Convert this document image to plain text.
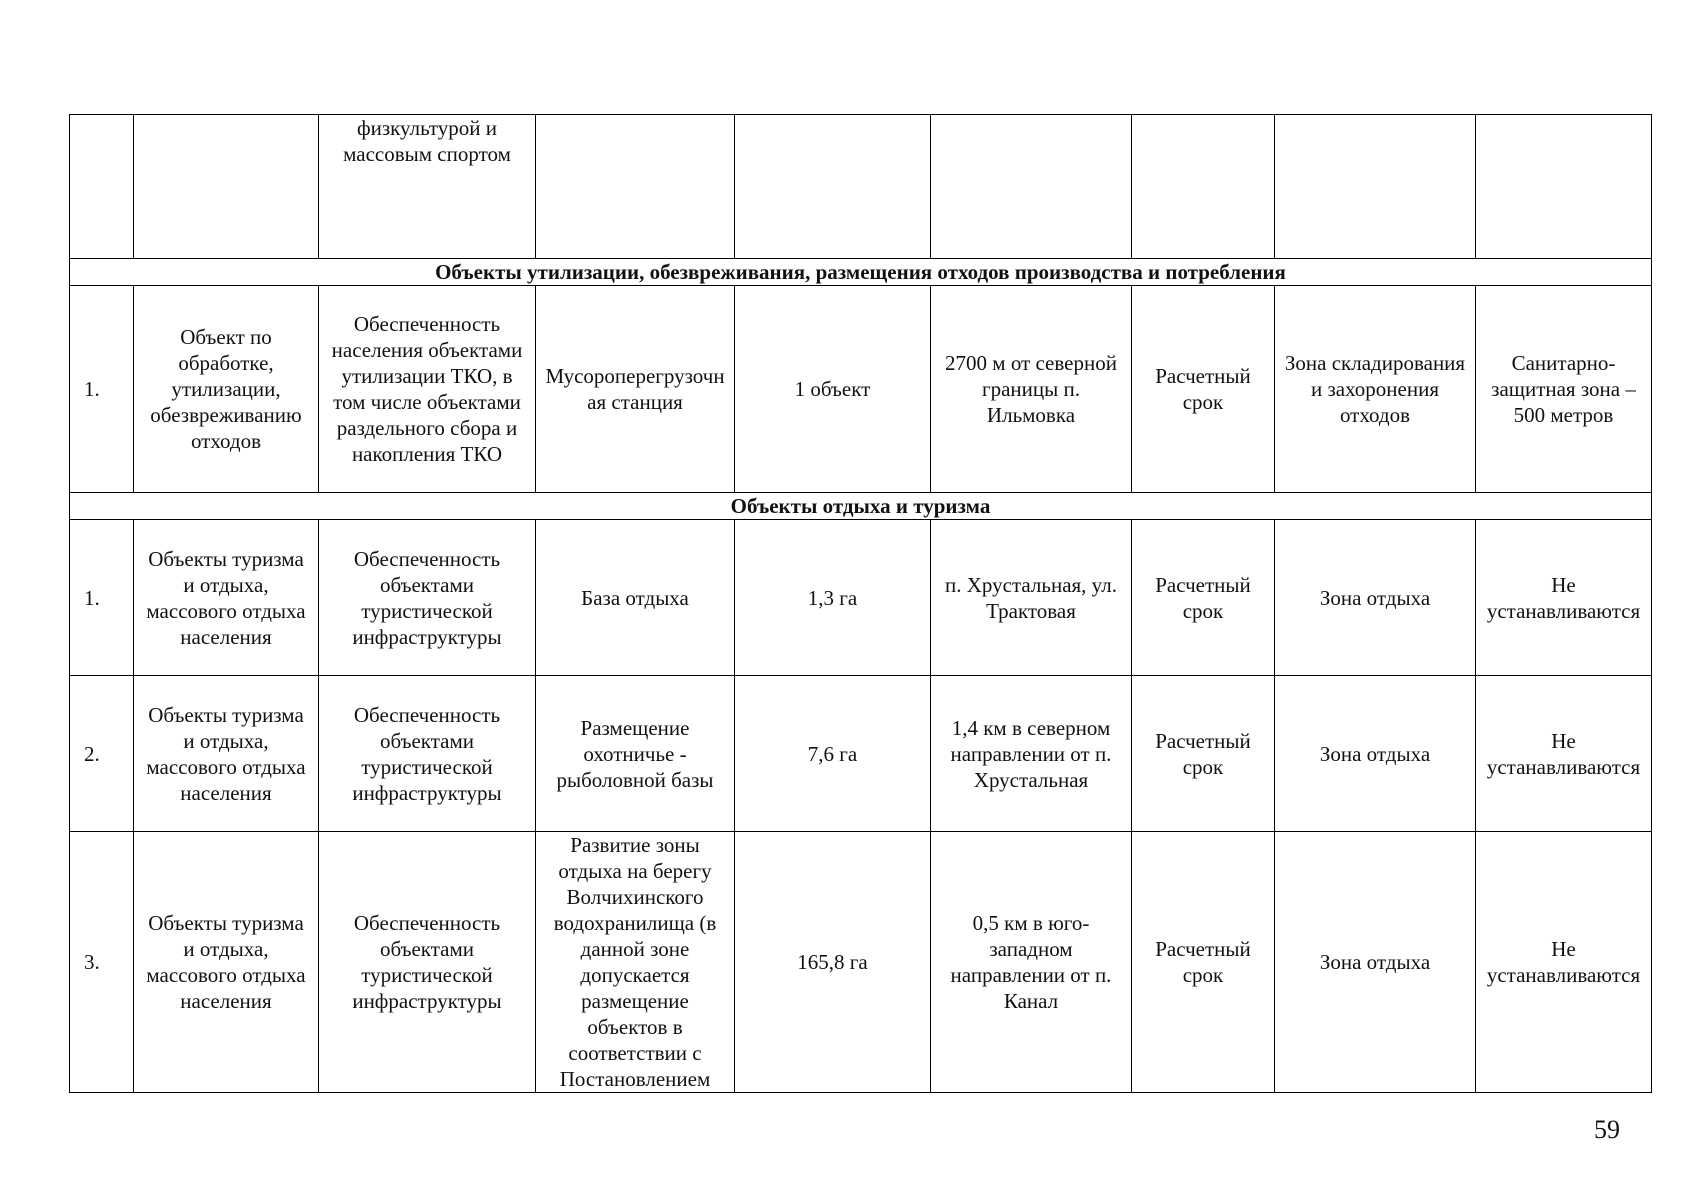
		физкультурой и массовым спортом						
Объекты утилизации, обезвреживания, размещения отходов производства и потребления								
1.	Объект по обработке, утилизации, обезвреживанию отходов	Обеспеченность населения объектами утилизации ТКО, в том числе объектами раздельного сбора и накопления ТКО	Мусороперегрузочная станция	1 объект	2700 м от северной границы п. Ильмовка	Расчетный срок	Зона складирования и захоронения отходов	Санитарно-защитная зона – 500 метров
Объекты отдыха и туризма								
1.	Объекты туризма и отдыха, массового отдыха населения	Обеспеченность объектами туристической инфраструктуры	База отдыха	1,3 га	п. Хрустальная, ул. Трактовая	Расчетный срок	Зона отдыха	Не устанавливаются
2.	Объекты туризма и отдыха, массового отдыха населения	Обеспеченность объектами туристической инфраструктуры	Размещение охотничье - рыболовной базы	7,6 га	1,4 км в северном направлении от п. Хрустальная	Расчетный срок	Зона отдыха	Не устанавливаются
3.	Объекты туризма и отдыха, массового отдыха населения	Обеспеченность объектами туристической инфраструктуры	Развитие зоны отдыха на берегу Волчихинского водохранилища (в данной зоне допускается размещение объектов в соответствии с Постановлением	165,8 га	0,5 км в юго-западном направлении от п. Канал	Расчетный срок	Зона отдыха	Не устанавливаются
59
